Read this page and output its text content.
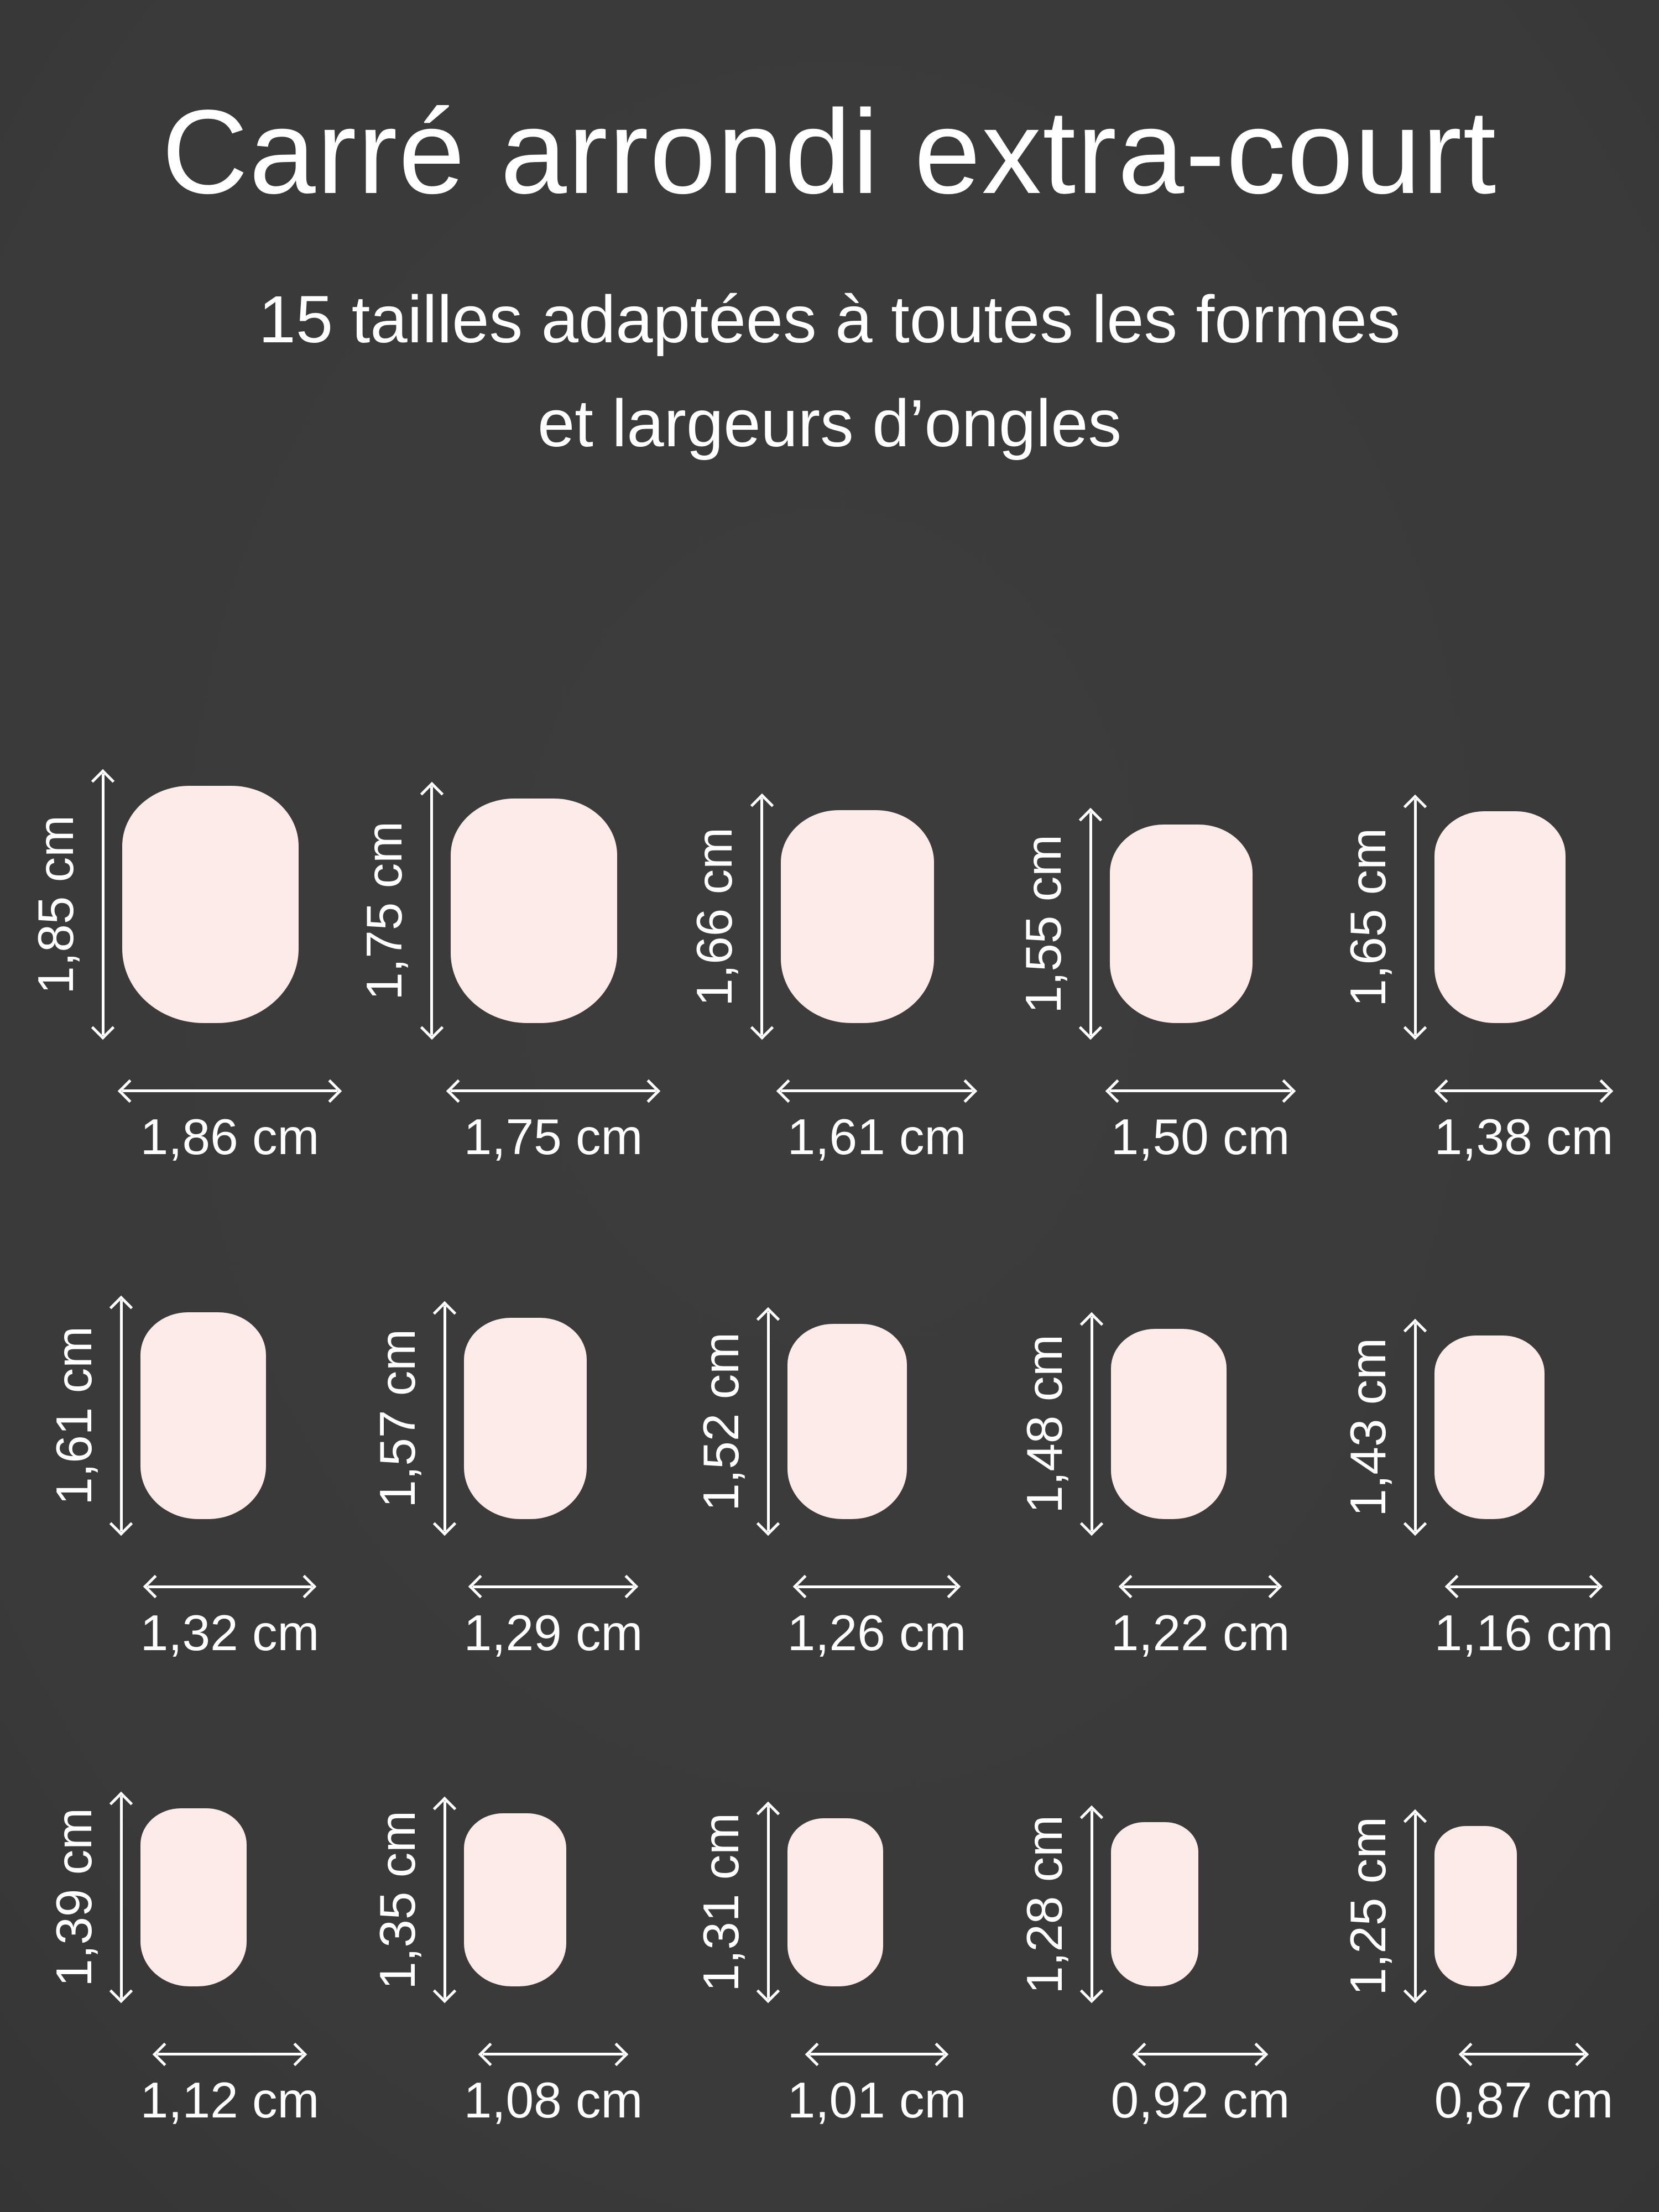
Carré arrondi extra-court

15 tailles adaptées à toutes les formes
et largeurs d’ongles

1,85 cm
1,86 cm
1,75 cm
1,75 cm
1,66 cm
1,61 cm
1,55 cm
1,50 cm
1,65 cm
1,38 cm
1,61 cm
1,32 cm
1,57 cm
1,29 cm
1,52 cm
1,26 cm
1,48 cm
1,22 cm
1,43 cm
1,16 cm
1,39 cm
1,12 cm
1,35 cm
1,08 cm
1,31 cm
1,01 cm
1,28 cm
0,92 cm
1,25 cm
0,87 cm
